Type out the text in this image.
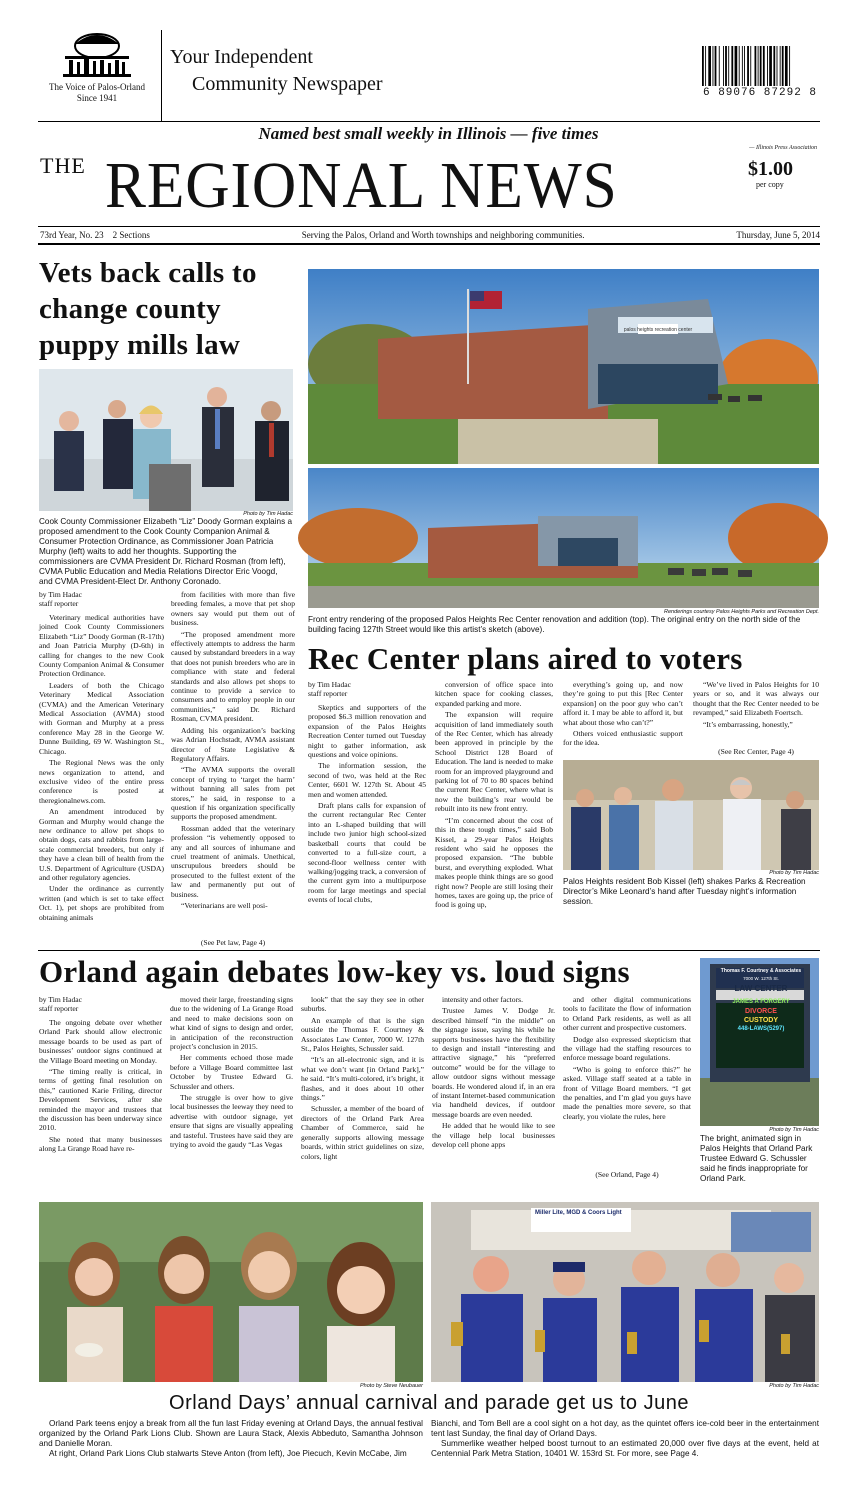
The Voice of Palos-Orland
Since 1941
Your Independent
Community Newspaper	6 89076 87292 8
Named best small weekly in Illinois — five times
— Illinois Press Association
THE REGIONAL NEWS	$1.00
per copy
73rd Year, No. 23 2 Sections	Serving the Palos, Orland and Worth townships and neighboring communities.	Thursday, June 5, 2014
Vets back calls to change county puppy mills law
Photo by Tim Hadac
Cook County Commissioner Elizabeth “Liz” Doody Gorman explains a proposed amendment to the Cook County Companion Animal & Consumer Protection Ordinance, as Commissioner Joan Patricia Murphy (left) waits to add her thoughts. Supporting the commissioners are CVMA President Dr. Richard Rosman (from left), CVMA Public Education and Media Relations Director Eric Voogd, and CVMA President-Elect Dr. Anthony Coronado.
by Tim Hadac
staff reporter

Veterinary medical authorities have joined Cook County Commissioners Elizabeth “Liz” Doody Gorman (R-17th) and Joan Patricia Murphy (D-6th) in calling for changes to the new Cook County Companion Animal & Consumer Protection Ordinance.

Leaders of both the Chicago Veterinary Medical Association (CVMA) and the American Veterinary Medical Association (AVMA) stood with Gorman and Murphy at a press conference May 28 in the George W. Dunne Building, 69 W. Washington St., Chicago.

The Regional News was the only news organization to attend, and exclusive video of the entire press conference is posted at theregionalnews.com.

An amendment introduced by Gorman and Murphy would change the new ordinance to allow pet shops to obtain dogs, cats and rabbits from large-scale commercial breeders, but only if they have a clean bill of health from the U.S. Department of Agriculture (USDA) and other regulatory agencies.

Under the ordinance as currently written (and which is set to take effect Oct. 1), pet shops are prohibited from obtaining animals

from facilities with more than five breeding females, a move that pet shop owners say would put them out of business.

“The proposed amendment more effectively attempts to address the harm caused by substandard breeders in a way that does not punish breeders who are in compliance with state and federal standards and also allows pet shops to continue to provide a service to consumers and to employ people in our communities,” said Dr. Richard Rosman, CVMA president.

Adding his organization’s backing was Adrian Hochstadt, AVMA assistant director of State Legislative & Regulatory Affairs.

“The AVMA supports the overall concept of trying to ‘target the harm’ without banning all sales from pet stores,” he said, in response to a question if his organization specifically supports the proposed amendment.

Rossman added that the veterinary profession “is vehemently opposed to any and all sources of inhumane and cruel treatment of animals. Unethical, unscrupulous breeders should be prosecuted to the fullest extent of the law and permanently put out of business.

“Veterinarians are well posi-

(See Pet law, Page 4)
palos heights recreation center
Renderings courtesy Palos Heights Parks and Recreation Dept.
Front entry rendering of the proposed Palos Heights Rec Center renovation and addition (top). The original entry on the north side of the building facing 127th Street would like this artist’s sketch (above).
Rec Center plans aired to voters
by Tim Hadac
staff reporter

Skeptics and supporters of the proposed $6.3 million renovation and expansion of the Palos Heights Recreation Center turned out Tuesday night to gather information, ask questions and voice opinions.

The information session, the second of two, was held at the Rec Center, 6601 W. 127th St. About 45 men and women attended.

Draft plans calls for expansion of the current rectangular Rec Center into an L-shaped building that will include two junior high school-sized basketball courts that could be converted to a full-size court, a second-floor wellness center with walking/jogging track, a conversion of the current gym into a multipurpose room for large meetings and special events of local clubs,

conversion of office space into kitchen space for cooking classes, expanded parking and more.

The expansion will require acquisition of land immediately south of the Rec Center, which has already been approved in principle by the School District 128 Board of Education. The land is needed to make room for an improved playground and parking lot of 70 to 80 spaces behind the current Rec Center, where what is now the building’s rear would be rebuilt into its new front entry.

“I’m concerned about the cost of this in these tough times,” said Bob Kissel, a 29-year Palos Heights resident who said he opposes the proposed expansion. “The bubble burst, and everything exploded. What makes people think things are so good right now? People are still losing their homes, taxes are going up, the price of food is going up,

everything’s going up, and now they’re going to put this [Rec Center expansion] on the poor guy who can’t afford it. I may be able to afford it, but what about those who can’t?”

Others voiced enthusiastic support for the idea.

“We’ve lived in Palos Heights for 10 years or so, and it was always our thought that the Rec Center needed to be revamped,” said Elizabeth Foertsch.

“It’s embarrassing, honestly,”

(See Rec Center, Page 4)
Photo by Tim Hadac
Palos Heights resident Bob Kissel (left) shakes Parks & Recreation Director’s Mike Leonard’s hand after Tuesday night’s information session.
Orland again debates low-key vs. loud signs
by Tim Hadac
staff reporter

The ongoing debate over whether Orland Park should allow electronic message boards to be used as part of businesses’ outdoor signs continued at the Village Board meeting on Monday.

“The timing really is critical, in terms of getting final resolution on this,” cautioned Karie Friling, director Development Services, after she reminded the mayor and trustees that the discussion has been underway since 2010.

She noted that many businesses along La Grange Road have re-

moved their large, freestanding signs due to the widening of La Grange Road and need to make decisions soon on what kind of signs to design and order, in anticipation of the reconstruction project’s conclusion in 2015.

Her comments echoed those made before a Village Board committee last October by Trustee Edward G. Schussler and others.

The struggle is over how to give local businesses the leeway they need to advertise with outdoor signage, yet ensure that signs are visually appealing and tasteful. Trustees have said they are trying to avoid the gaudy “Las Vegas

look” that the say they see in other suburbs.

An example of that is the sign outside the Thomas F. Courtney & Associates Law Center, 7000 W. 127th St., Palos Heights, Schussler said.

“It’s an all-electronic sign, and it is what we don’t want [in Orland Park],” he said. “It’s multi-colored, it’s bright, it flashes, and it does about 10 other things.”

Schussler, a member of the board of directors of the Orland Park Area Chamber of Commerce, said he generally supports allowing message boards, within strict guidelines on size, colors, light

intensity and other factors.

Trustee James V. Dodge Jr. described himself “in the middle” on the signage issue, saying his while he supports businesses have the flexibility to design and install “interesting and attractive signage,” his “preferred outcome” would be for the village to allow outdoor signs without message boards. He wondered aloud if, in an era of instant Internet-based communication via handheld devices, if outdoor message boards are even needed.

He added that he would like to see the village help local businesses develop cell phone apps

and other digital communications tools to facilitate the flow of information to Orland Park residents, as well as all other current and prospective customers.

Dodge also expressed skepticism that the village had the staffing resources to enforce message board regulations.

“Who is going to enforce this?” he asked. Village staff seated at a table in front of Village Board members. “I get the penalties, and I’m glad you guys have made the penalties more severe, so that clearly, you violate the rules, here

(See Orland, Page 4)
Thomas F. Courtney & Associates
7000 W. 127th St.
LAW CENTER
JAMES A FORGERY
DIVORCE
CUSTODY
448-LAWS(5297)
Photo by Tim Hadac
The bright, animated sign in Palos Heights that Orland Park Trustee Edward G. Schussler said he finds inappropriate for Orland Park.
Miller Lite, MGD & Coors Light
Photo by Steve Neubauer	Photo by Tim Hadac
Orland Days’ annual carnival and parade get us to June
Orland Park teens enjoy a break from all the fun last Friday evening at Orland Days, the annual festival organized by the Orland Park Lions Club. Shown are Laura Stack, Alexis Abbeduto, Samantha Johnson and Danielle Moran.
At right, Orland Park Lions Club stalwarts Steve Anton (from left), Joe Piecuch, Kevin McCabe, Jim
Bianchi, and Tom Bell are a cool sight on a hot day, as the quintet offers ice-cold beer in the entertainment tent last Sunday, the final day of Orland Days.
Summerlike weather helped boost turnout to an estimated 20,000 over five days at the event, held at Centennial Park Metra Station, 10401 W. 153rd St. For more, see Page 4.
